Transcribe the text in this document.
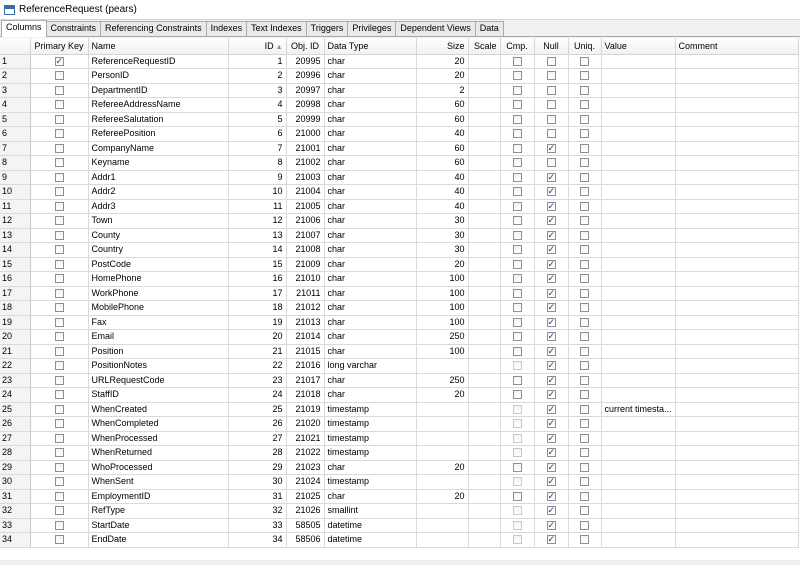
ReferenceRequest (pears)
Columns	Constraints	Referencing Constraints	Indexes	Text Indexes	Triggers	Privileges	Dependent Views	Data
	Primary Key	Name	ID ▲	Obj. ID	Data Type	Size	Scale	Cmp.	Null	Uniq.	Value	Comment
1	✓	ReferenceRequestID	1	20995	char	20						
2		PersonID	2	20996	char	20						
3		DepartmentID	3	20997	char	2						
4		RefereeAddressName	4	20998	char	60						
5		RefereeSalutation	5	20999	char	60						
6		RefereePosition	6	21000	char	40						
7		CompanyName	7	21001	char	60			✓			
8		Keyname	8	21002	char	60						
9		Addr1	9	21003	char	40			✓			
10		Addr2	10	21004	char	40			✓			
11		Addr3	11	21005	char	40			✓			
12		Town	12	21006	char	30			✓			
13		County	13	21007	char	30			✓			
14		Country	14	21008	char	30			✓			
15		PostCode	15	21009	char	20			✓			
16		HomePhone	16	21010	char	100			✓			
17		WorkPhone	17	21011	char	100			✓			
18		MobilePhone	18	21012	char	100			✓			
19		Fax	19	21013	char	100			✓			
20		Email	20	21014	char	250			✓			
21		Position	21	21015	char	100			✓			
22		PositionNotes	22	21016	long varchar				✓			
23		URLRequestCode	23	21017	char	250			✓			
24		StaffID	24	21018	char	20			✓			
25		WhenCreated	25	21019	timestamp				✓		current timesta...	
26		WhenCompleted	26	21020	timestamp				✓			
27		WhenProcessed	27	21021	timestamp				✓			
28		WhenReturned	28	21022	timestamp				✓			
29		WhoProcessed	29	21023	char	20			✓			
30		WhenSent	30	21024	timestamp				✓			
31		EmploymentID	31	21025	char	20			✓			
32		RefType	32	21026	smallint				✓			
33		StartDate	33	58505	datetime				✓			
34		EndDate	34	58506	datetime				✓			
